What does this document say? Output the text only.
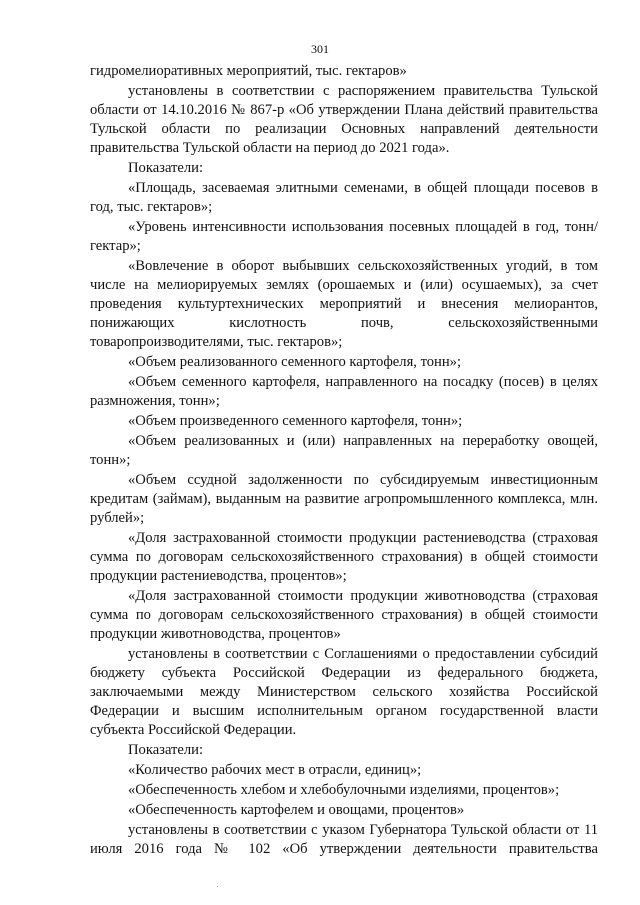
301

гидромелиоративных мероприятий, тыс. гектаров»

установлены в соответствии с распоряжением правительства Тульской области от 14.10.2016 № 867-р «Об утверждении Плана действий правительства Тульской области по реализации Основных направлений деятельности правительства Тульской области на период до 2021 года».

Показатели:

«Площадь, засеваемая элитными семенами, в общей площади посевов в год, тыс. гектаров»;

«Уровень интенсивности использования посевных площадей в год, тонн/гектар»;

«Вовлечение в оборот выбывших сельскохозяйственных угодий, в том числе на мелиорируемых землях (орошаемых и (или) осушаемых), за счет проведения культуртехнических мероприятий и внесения мелиорантов, понижающих кислотность почв, сельскохозяйственными товаропроизводителями, тыс. гектаров»;

«Объем реализованного семенного картофеля, тонн»;

«Объем семенного картофеля, направленного на посадку (посев) в целях размножения, тонн»;

«Объем произведенного семенного картофеля, тонн»;

«Объем реализованных и (или) направленных на переработку овощей, тонн»;

«Объем ссудной задолженности по субсидируемым инвестиционным кредитам (займам), выданным на развитие агропромышленного комплекса, млн. рублей»;

«Доля застрахованной стоимости продукции растениеводства (страховая сумма по договорам сельскохозяйственного страхования) в общей стоимости продукции растениеводства, процентов»;

«Доля застрахованной стоимости продукции животноводства (страховая сумма по договорам сельскохозяйственного страхования) в общей стоимости продукции животноводства, процентов»

установлены в соответствии с Соглашениями о предоставлении субсидий бюджету субъекта Российской Федерации из федерального бюджета, заключаемыми между Министерством сельского хозяйства Российской Федерации и высшим исполнительным органом государственной власти субъекта Российской Федерации.

Показатели:

«Количество рабочих мест в отрасли, единиц»;

«Обеспеченность хлебом и хлебобулочными изделиями, процентов»;

«Обеспеченность картофелем и овощами, процентов»

установлены в соответствии с указом Губернатора Тульской области от 11 июля 2016 года № 102 «Об утверждении деятельности правительства
